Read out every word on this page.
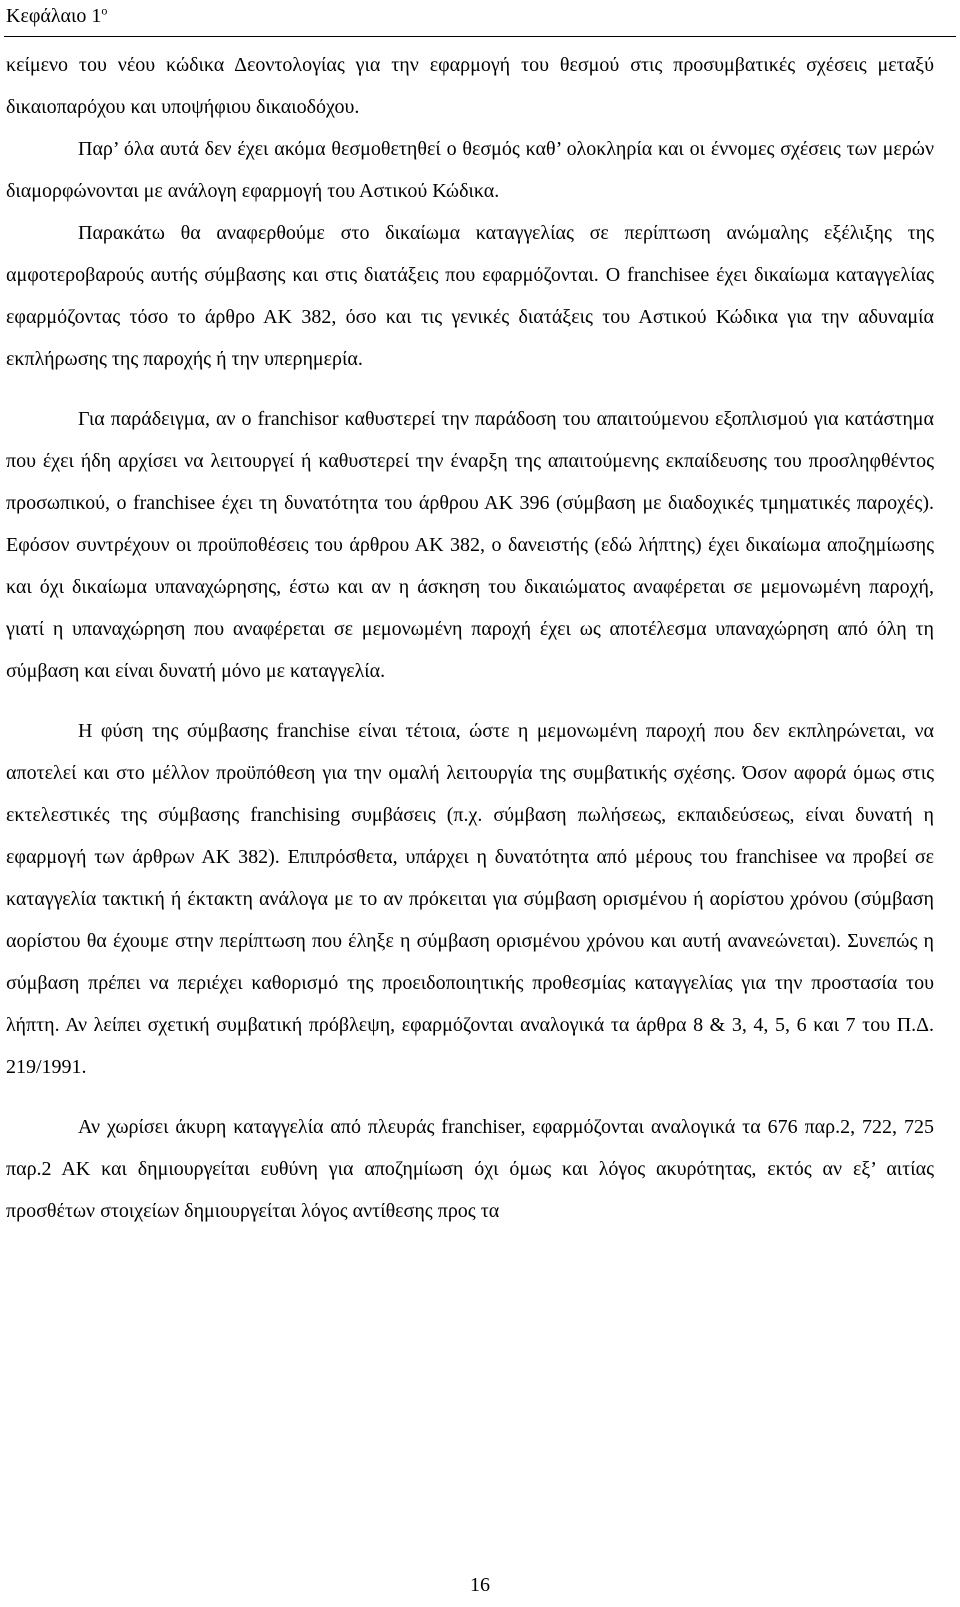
Κεφάλαιο $1^o$

κείμενο του νέου κώδικα Δεοντολογίας για την εφαρμογή του θεσμού στις προσυμβατικές σχέσεις μεταξύ δικαιοπαρόχου και υποψήφιου δικαιοδόχου.

Παρ’ όλα αυτά δεν έχει ακόμα θεσμοθετηθεί ο θεσμός καθ’ ολοκληρία και οι έννομες σχέσεις των μερών διαμορφώνονται με ανάλογη εφαρμογή του Αστικού Κώδικα.

Παρακάτω θα αναφερθούμε στο δικαίωμα καταγγελίας σε περίπτωση ανώμαλης εξέλιξης της αμφοτεροβαρούς αυτής σύμβασης και στις διατάξεις που εφαρμόζονται. Ο franchisee έχει δικαίωμα καταγγελίας εφαρμόζοντας τόσο το άρθρο ΑΚ 382, όσο και τις γενικές διατάξεις του Αστικού Κώδικα για την αδυναμία εκπλήρωσης της παροχής ή την υπερημερία.

Για παράδειγμα, αν ο franchisor καθυστερεί την παράδοση του απαιτούμενου εξοπλισμού για κατάστημα που έχει ήδη αρχίσει να λειτουργεί ή καθυστερεί την έναρξη της απαιτούμενης εκπαίδευσης του προσληφθέντος προσωπικού, ο franchisee έχει τη δυνατότητα του άρθρου ΑΚ 396 (σύμβαση με διαδοχικές τμηματικές παροχές). Εφόσον συντρέχουν οι προϋποθέσεις του άρθρου ΑΚ 382, ο δανειστής (εδώ λήπτης) έχει δικαίωμα αποζημίωσης και όχι δικαίωμα υπαναχώρησης, έστω και αν η άσκηση του δικαιώματος αναφέρεται σε μεμονωμένη παροχή, γιατί η υπαναχώρηση που αναφέρεται σε μεμονωμένη παροχή έχει ως αποτέλεσμα υπαναχώρηση από όλη τη σύμβαση και είναι δυνατή μόνο με καταγγελία.

Η φύση της σύμβασης franchise είναι τέτοια, ώστε η μεμονωμένη παροχή που δεν εκπληρώνεται, να αποτελεί και στο μέλλον προϋπόθεση για την ομαλή λειτουργία της συμβατικής σχέσης. Όσον αφορά όμως στις εκτελεστικές της σύμβασης franchising συμβάσεις (π.χ. σύμβαση πωλήσεως, εκπαιδεύσεως, είναι δυνατή η εφαρμογή των άρθρων ΑΚ 382). Επιπρόσθετα, υπάρχει η δυνατότητα από μέρους του franchisee να προβεί σε καταγγελία τακτική ή έκτακτη ανάλογα με το αν πρόκειται για σύμβαση ορισμένου ή αορίστου χρόνου (σύμβαση αορίστου θα έχουμε στην περίπτωση που έληξε η σύμβαση ορισμένου χρόνου και αυτή ανανεώνεται). Συνεπώς η σύμβαση πρέπει να περιέχει καθορισμό της προειδοποιητικής προθεσμίας καταγγελίας για την προστασία του λήπτη. Αν λείπει σχετική συμβατική πρόβλεψη, εφαρμόζονται αναλογικά τα άρθρα 8 & 3, 4, 5, 6 και 7 του Π.Δ. 219/1991.

Αν χωρίσει άκυρη καταγγελία από πλευράς franchiser, εφαρμόζονται αναλογικά τα 676 παρ.2, 722, 725 παρ.2 ΑΚ και δημιουργείται ευθύνη για αποζημίωση όχι όμως και λόγος ακυρότητας, εκτός αν εξ’ αιτίας προσθέτων στοιχείων δημιουργείται λόγος αντίθεσης προς τα

16
